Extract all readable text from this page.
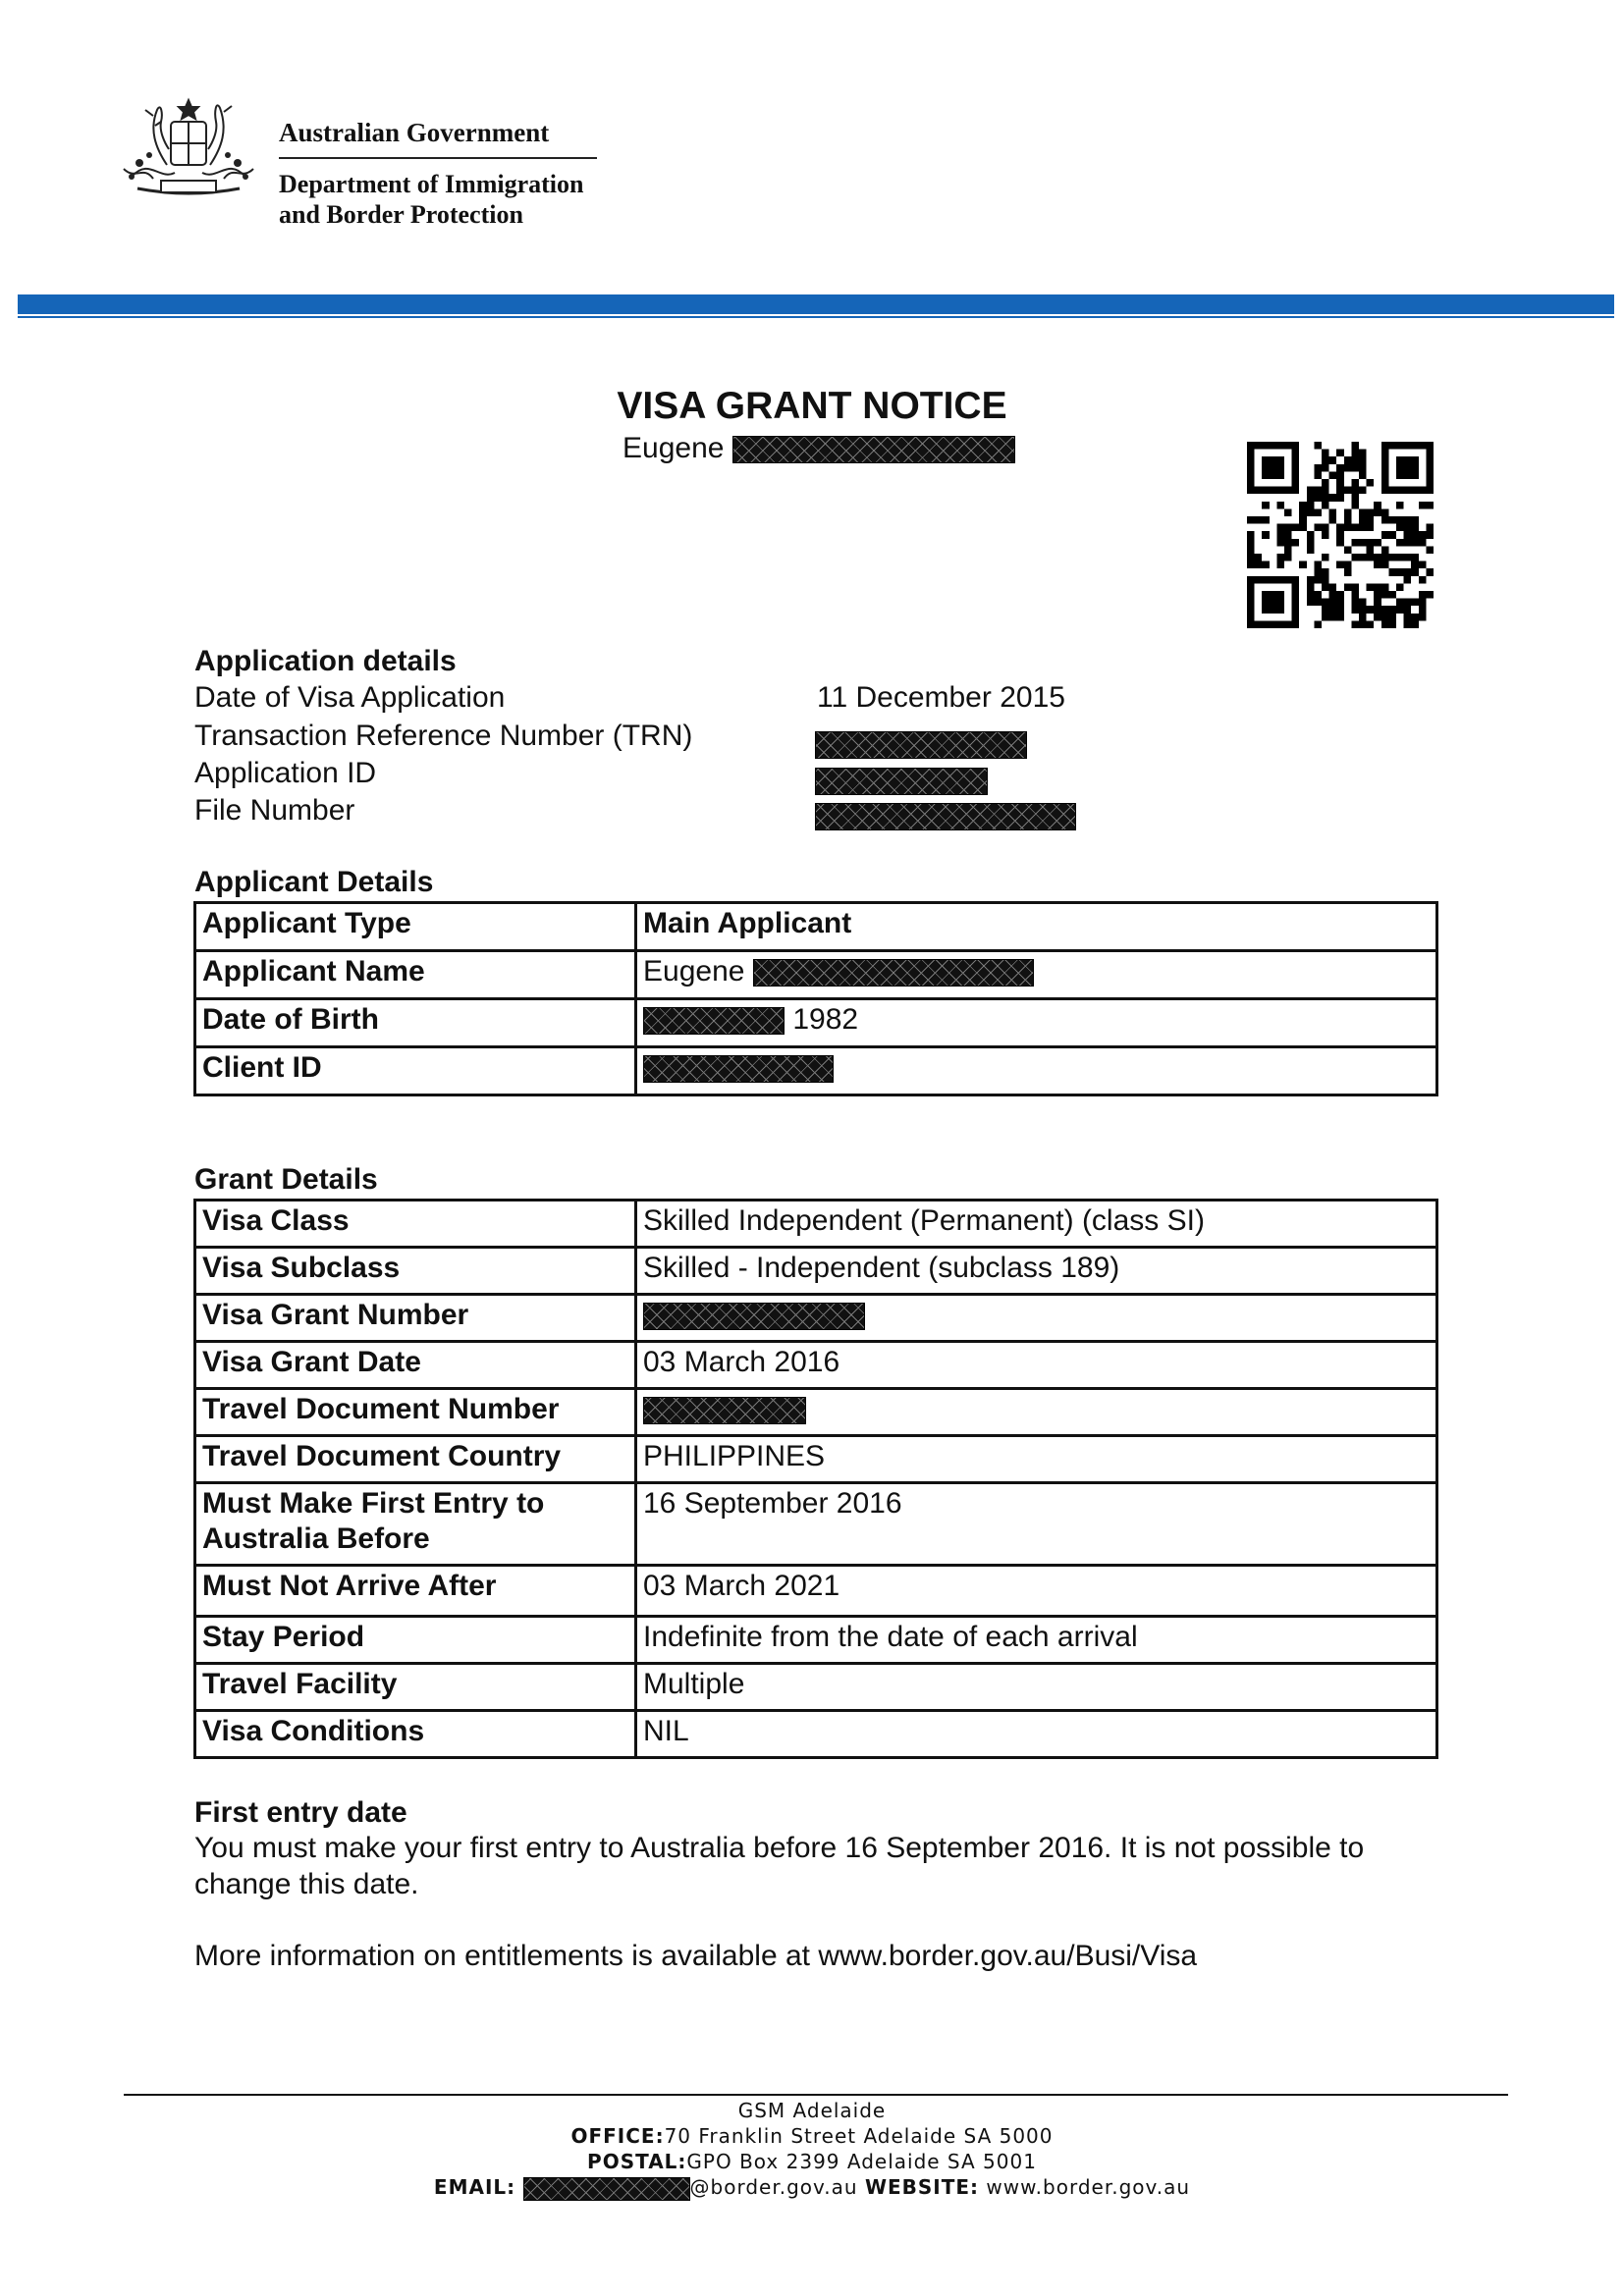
Australian Government
Department of Immigration
and Border Protection
VISA GRANT NOTICE
Eugene
Application details
Date of Visa Application	11 December 2015
Transaction Reference Number (TRN)
Application ID
File Number
Applicant Details
Applicant Type	Main Applicant
Applicant Name	Eugene
Date of Birth	1982
Client ID	
Grant Details
Visa Class	Skilled Independent (Permanent) (class SI)
Visa Subclass	Skilled - Independent (subclass 189)
Visa Grant Number	
Visa Grant Date	03 March 2016
Travel Document Number	
Travel Document Country	PHILIPPINES

Must Make First Entry to
Australia Before	16 September 2016
Must Not Arrive After	03 March 2021
Stay Period	Indefinite from the date of each arrival
Travel Facility	Multiple
Visa Conditions	NIL
First entry date
You must make your first entry to Australia before 16 September 2016. It is not possible to
change this date.
More information on entitlements is available at www.border.gov.au/Busi/Visa
GSM Adelaide
OFFICE:70 Franklin Street Adelaide SA 5000
POSTAL:GPO Box 2399 Adelaide SA 5001
EMAIL:	@border.gov.au WEBSITE: www.border.gov.au
